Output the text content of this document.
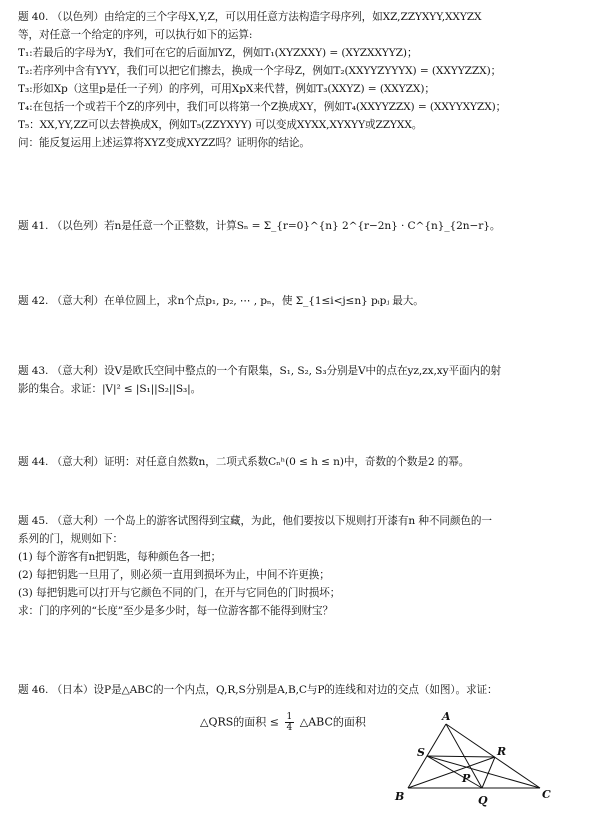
题 40. （以色列）由给定的三个字母X,Y,Z，可以用任意方法构造字母序列，如XZ,ZZYXYY,XXYZX
等，对任意一个给定的序列，可以执行如下的运算:
T₁:若最后的字母为Y，我们可在它的后面加YZ，例如T₁(XYZXXY) = (XYZXXYYZ)；
T₂:若序列中含有YYY，我们可以把它们擦去，换成一个字母Z，例如T₂(XXYYZYYYX) = (XXYYZZX)；
T₃:形如Xp（这里p是任一子列）的序列，可用XpX来代替，例如T₃(XXYZ) = (XXYZX)；
T₄:在包括一个或若干个Z的序列中，我们可以将第一个Z换成XY，例如T₄(XXYYZZX) = (XXYYXYZX)；
T₅：XX,YY,ZZ可以去替换成X，例如T₅(ZZYXYY) 可以变成XYXX,XYXYY或ZZYXX。
问：能反复运用上述运算将XYZ变成XYZZ吗？证明你的结论。
题 41. （以色列）若n是任意一个正整数，计算Sₙ = Σ_{r=0}^{n} 2^{r−2n} · C^{n}_{2n−r}。
题 42. （意大利）在单位圆上，求n个点p₁, p₂, ⋯ , pₙ，使 Σ_{1≤i<j≤n} pᵢpⱼ 最大。
题 43. （意大利）设V是欧氏空间中整点的一个有限集，S₁, S₂, S₃分别是V中的点在yz,zx,xy平面内的射
影的集合。求证：|V|² ≤ |S₁||S₂||S₃|。
题 44. （意大利）证明：对任意自然数n，二项式系数Cₙʰ(0 ≤ h ≤ n)中，奇数的个数是2 的幂。
题 45. （意大利）一个岛上的游客试图得到宝藏，为此，他们要按以下规则打开漆有n 种不同颜色的一
系列的门，规则如下：
(1) 每个游客有n把钥匙，每种颜色各一把；
(2) 每把钥匙一旦用了，则必须一直用到损坏为止，中间不许更换；
(3) 每把钥匙可以打开与它颜色不同的门，在开与它同色的门时损坏；
求：门的序列的“长度”至少是多少时，每一位游客都不能得到财宝？
题 46. （日本）设P是△ABC的一个内点，Q,R,S分别是A,B,C与P的连线和对边的交点（如图）。求证：
△QRS的面积 ≤ $\frac{1}{4}$ △ABC的面积	A
B	C
P
Q
R
S
